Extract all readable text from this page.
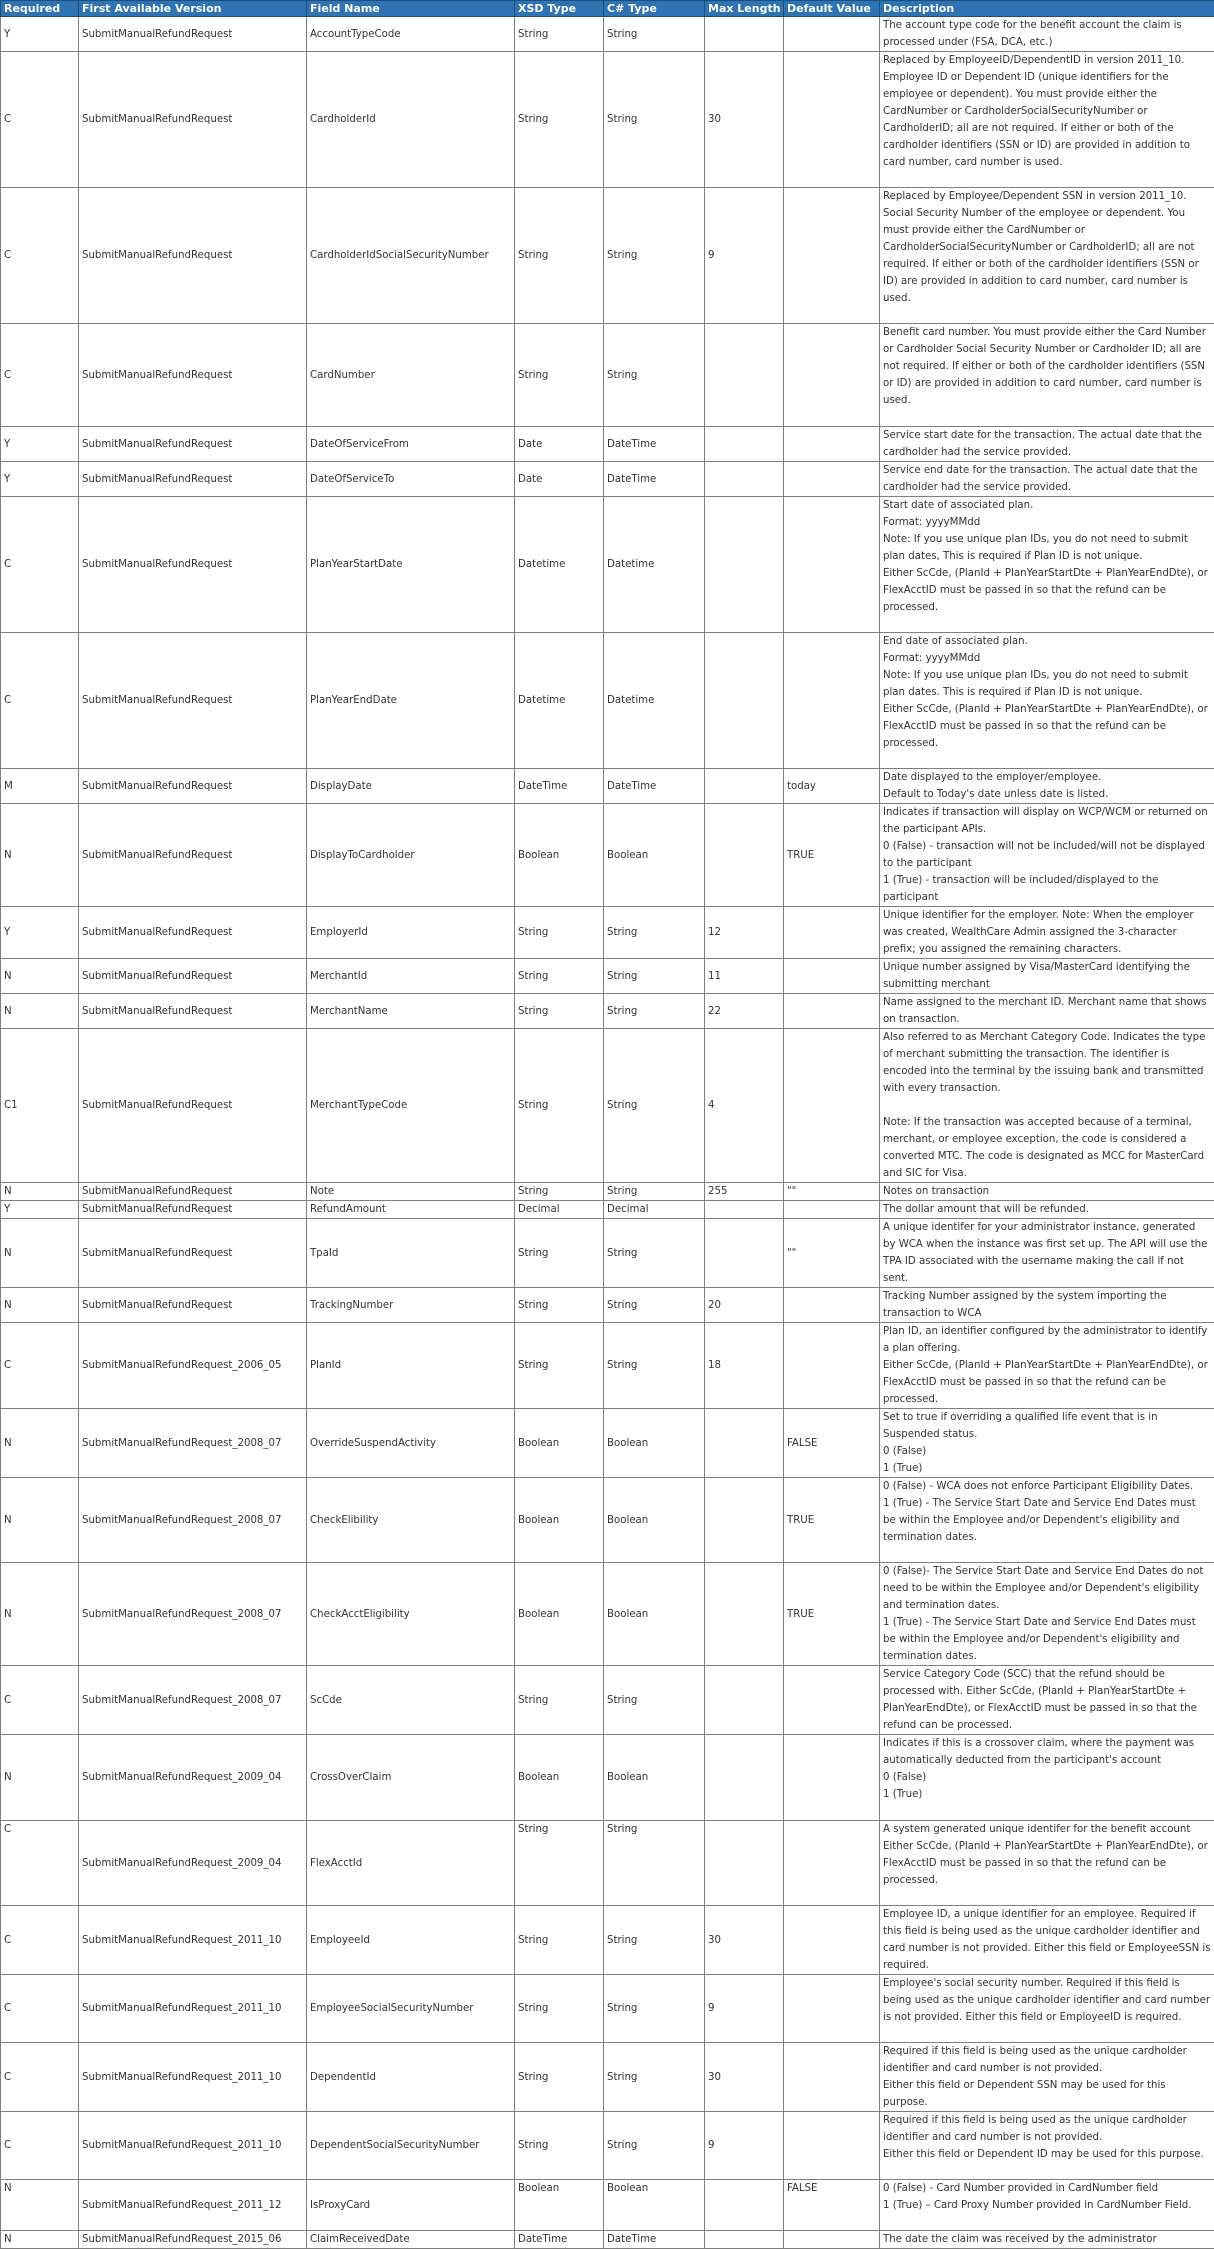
Required	First Available Version	Field Name	XSD Type	C# Type	Max Length	Default Value	Description
Y	SubmitManualRefundRequest	AccountTypeCode	String	String			The account type code for the benefit account the claim is processed under (FSA, DCA, etc.)
C	SubmitManualRefundRequest	CardholderId	String	String	30		Replaced by EmployeeID/DependentID in version 2011_10. Employee ID or Dependent ID (unique identifiers for the employee or dependent). You must provide either the CardNumber or CardholderSocialSecurityNumber or CardholderID; all are not required. If either or both of the cardholder identifiers (SSN or ID) are provided in addition to card number, card number is used.
C	SubmitManualRefundRequest	CardholderIdSocialSecurityNumber	String	String	9		Replaced by Employee/Dependent SSN in version 2011_10. Social Security Number of the employee or dependent. You must provide either the CardNumber or CardholderSocialSecurityNumber or CardholderID; all are not required. If either or both of the cardholder identifiers (SSN or ID) are provided in addition to card number, card number is used.
C	SubmitManualRefundRequest	CardNumber	String	String			Benefit card number. You must provide either the Card Number or Cardholder Social Security Number or Cardholder ID; all are not required. If either or both of the cardholder identifiers (SSN or ID) are provided in addition to card number, card number is used.
Y	SubmitManualRefundRequest	DateOfServiceFrom	Date	DateTime			Service start date for the transaction. The actual date that the cardholder had the service provided.
Y	SubmitManualRefundRequest	DateOfServiceTo	Date	DateTime			Service end date for the transaction. The actual date that the cardholder had the service provided.
C	SubmitManualRefundRequest	PlanYearStartDate	Datetime	Datetime			Start date of associated plan.
Format: yyyyMMdd
Note: If you use unique plan IDs, you do not need to submit plan dates, This is required if Plan ID is not unique.
Either ScCde, (PlanId + PlanYearStartDte + PlanYearEndDte), or FlexAcctID must be passed in so that the refund can be processed.
C	SubmitManualRefundRequest	PlanYearEndDate	Datetime	Datetime			End date of associated plan.
Format: yyyyMMdd
Note: If you use unique plan IDs, you do not need to submit plan dates. This is required if Plan ID is not unique.
Either ScCde, (PlanId + PlanYearStartDte + PlanYearEndDte), or FlexAcctID must be passed in so that the refund can be processed.
M	SubmitManualRefundRequest	DisplayDate	DateTime	DateTime		today	Date displayed to the employer/employee.
Default to Today's date unless date is listed.
N	SubmitManualRefundRequest	DisplayToCardholder	Boolean	Boolean		TRUE	Indicates if transaction will display on WCP/WCM or returned on the participant APIs.
0 (False) - transaction will not be included/will not be displayed to the participant
1 (True) - transaction will be included/displayed to the participant
Y	SubmitManualRefundRequest	EmployerId	String	String	12		Unique identifier for the employer. Note: When the employer was created, WealthCare Admin assigned the 3-character prefix; you assigned the remaining characters.
N	SubmitManualRefundRequest	MerchantId	String	String	11		Unique number assigned by Visa/MasterCard identifying the submitting merchant
N	SubmitManualRefundRequest	MerchantName	String	String	22		Name assigned to the merchant ID. Merchant name that shows on transaction.
C1	SubmitManualRefundRequest	MerchantTypeCode	String	String	4		Also referred to as Merchant Category Code. Indicates the type of merchant submitting the transaction. The identifier is encoded into the terminal by the issuing bank and transmitted with every transaction.

Note: If the transaction was accepted because of a terminal, merchant, or employee exception, the code is considered a converted MTC. The code is designated as MCC for MasterCard and SIC for Visa.
N	SubmitManualRefundRequest	Note	String	String	255	""	Notes on transaction
Y	SubmitManualRefundRequest	RefundAmount	Decimal	Decimal			The dollar amount that will be refunded.
N	SubmitManualRefundRequest	TpaId	String	String		""	A unique identifer for your administrator instance, generated by WCA when the instance was first set up. The API will use the TPA ID associated with the username making the call if not sent.
N	SubmitManualRefundRequest	TrackingNumber	String	String	20		Tracking Number assigned by the system importing the transaction to WCA
C	SubmitManualRefundRequest_2006_05	PlanId	String	String	18		Plan ID, an identifier configured by the administrator to identify a plan offering.
Either ScCde, (PlanId + PlanYearStartDte + PlanYearEndDte), or FlexAcctID must be passed in so that the refund can be processed.
N	SubmitManualRefundRequest_2008_07	OverrideSuspendActivity	Boolean	Boolean		FALSE	Set to true if overriding a qualified life event that is in Suspended status.
0 (False)
1 (True)
N	SubmitManualRefundRequest_2008_07	CheckElibility	Boolean	Boolean		TRUE	0 (False) - WCA does not enforce Participant Eligibility Dates.
1 (True) - The Service Start Date and Service End Dates must be within the Employee and/or Dependent's eligibility and termination dates.
N	SubmitManualRefundRequest_2008_07	CheckAcctEligibility	Boolean	Boolean		TRUE	0 (False)- The Service Start Date and Service End Dates do not need to be within the Employee and/or Dependent's eligibility and termination dates.
1 (True) - The Service Start Date and Service End Dates must be within the Employee and/or Dependent's eligibility and termination dates.
C	SubmitManualRefundRequest_2008_07	ScCde	String	String			Service Category Code (SCC) that the refund should be processed with. Either ScCde, (PlanId + PlanYearStartDte + PlanYearEndDte), or FlexAcctID must be passed in so that the refund can be processed.
N	SubmitManualRefundRequest_2009_04	CrossOverClaim	Boolean	Boolean			Indicates if this is a crossover claim, where the payment was automatically deducted from the participant's account
0 (False)
1 (True)
C	SubmitManualRefundRequest_2009_04	FlexAcctId	String	String			A system generated unique identifer for the benefit account
Either ScCde, (PlanId + PlanYearStartDte + PlanYearEndDte), or FlexAcctID must be passed in so that the refund can be processed.
C	SubmitManualRefundRequest_2011_10	EmployeeId	String	String	30		Employee ID, a unique identifier for an employee. Required if this field is being used as the unique cardholder identifier and card number is not provided. Either this field or EmployeeSSN is required.
C	SubmitManualRefundRequest_2011_10	EmployeeSocialSecurityNumber	String	String	9		Employee's social security number. Required if this field is being used as the unique cardholder identifier and card number is not provided. Either this field or EmployeeID is required.
C	SubmitManualRefundRequest_2011_10	DependentId	String	String	30		Required if this field is being used as the unique cardholder identifier and card number is not provided.
Either this field or Dependent SSN may be used for this purpose.
C	SubmitManualRefundRequest_2011_10	DependentSocialSecurityNumber	String	String	9		Required if this field is being used as the unique cardholder identifier and card number is not provided.
Either this field or Dependent ID may be used for this purpose.
N	SubmitManualRefundRequest_2011_12	IsProxyCard	Boolean	Boolean		FALSE	0 (False) - Card Number provided in CardNumber field
1 (True) – Card Proxy Number provided in CardNumber Field.
N	SubmitManualRefundRequest_2015_06	ClaimReceivedDate	DateTime	DateTime			The date the claim was received by the administrator
